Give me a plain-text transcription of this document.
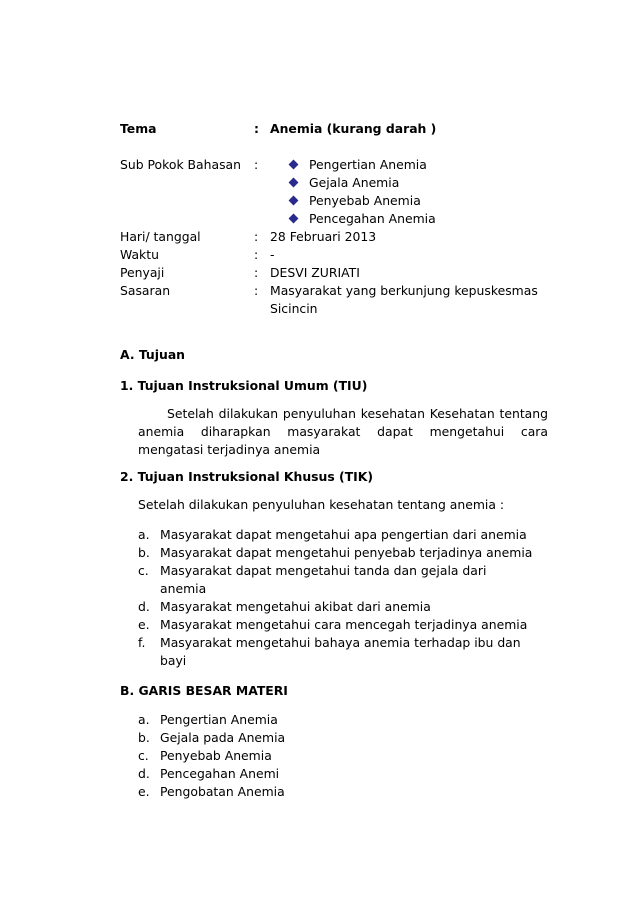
Tema	: Anemia (kurang darah )
Sub Pokok Bahasan	:	Pengertian Anemia
Gejala Anemia
Penyebab Anemia
Pencegahan Anemia
Hari/ tanggal	: 28 Februari 2013
Waktu	: -
Penyaji	: DESVI ZURIATI
Sasaran	: Masyarakat yang berkunjung kepuskesmas Sicincin
A. Tujuan
1. Tujuan Instruksional Umum (TIU)
Setelah dilakukan penyuluhan kesehatan Kesehatan tentang anemia diharapkan masyarakat dapat mengetahui cara mengatasi terjadinya anemia
2. Tujuan Instruksional Khusus (TIK)
Setelah dilakukan penyuluhan kesehatan tentang anemia :
a. Masyarakat dapat mengetahui apa pengertian dari anemia
b. Masyarakat dapat mengetahui penyebab terjadinya anemia
c. Masyarakat dapat mengetahui tanda dan gejala dari anemia
d. Masyarakat mengetahui akibat dari anemia
e. Masyarakat mengetahui cara mencegah terjadinya anemia
f.	Masyarakat mengetahui bahaya anemia terhadap ibu dan bayi
B. GARIS BESAR MATERI
a. Pengertian Anemia
b. Gejala pada Anemia
c. Penyebab Anemia
d. Pencegahan Anemi
e. Pengobatan Anemia
